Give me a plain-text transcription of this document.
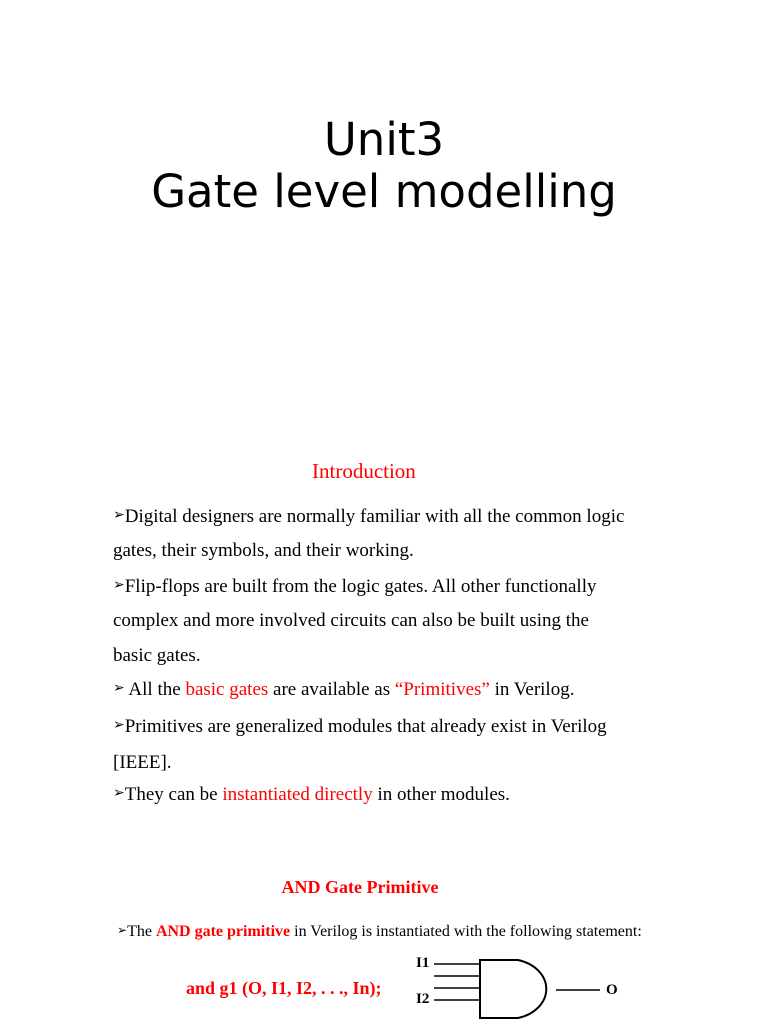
Unit3
Gate level modelling
Introduction
➢Digital designers are normally familiar with all the common logic
gates, their symbols, and their working.
➢Flip-flops are built from the logic gates. All other functionally
complex and more involved circuits can also be built using the
basic gates.
➢ All the basic gates are available as “Primitives” in Verilog.
➢Primitives are generalized modules that already exist in Verilog
[IEEE].
➢They can be instantiated directly in other modules.
AND Gate Primitive
➢The AND gate primitive in Verilog is instantiated with the following statement:
and g1 (O, I1, I2, . . ., In);
I1
I2
O
